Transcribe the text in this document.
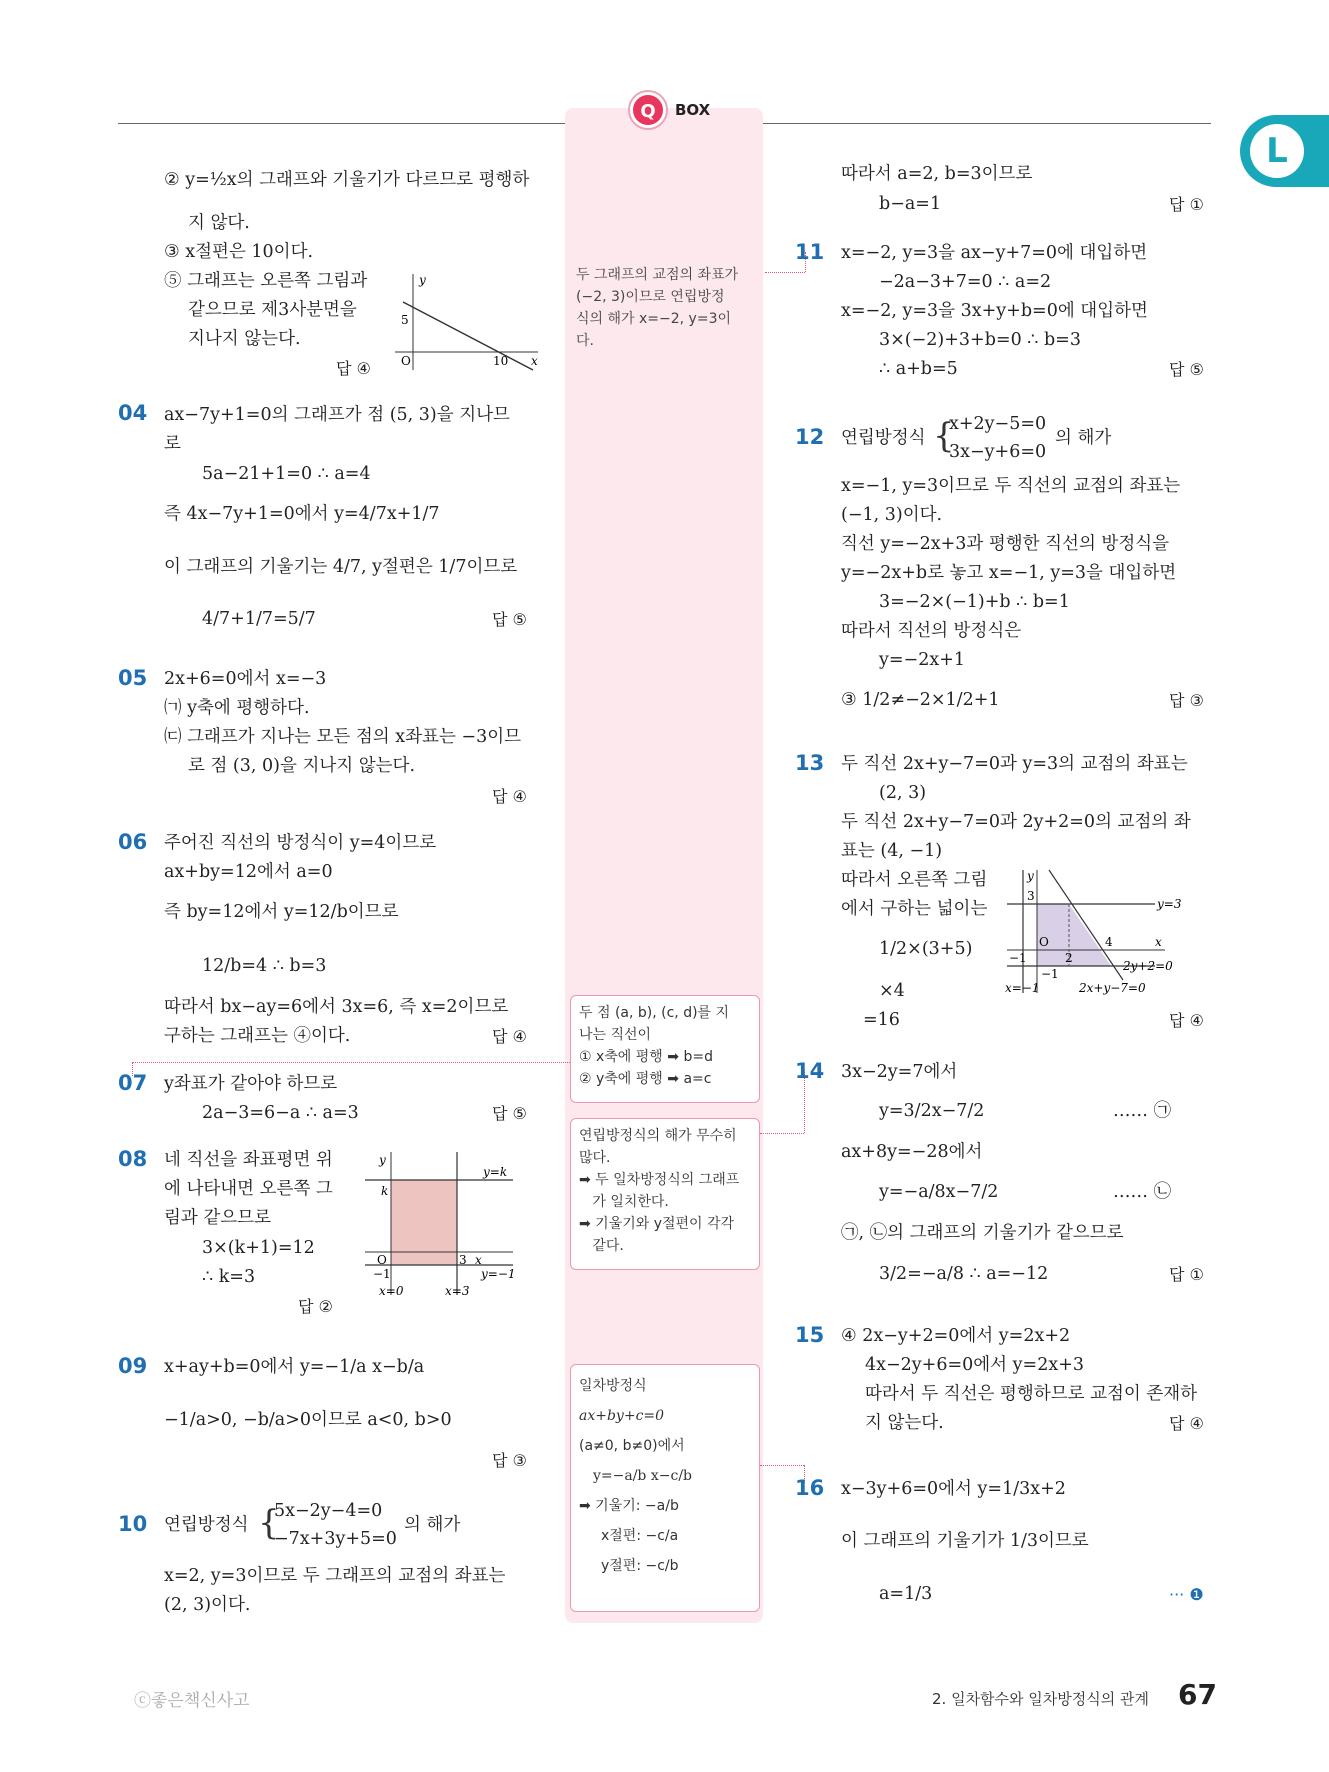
Q BOX
L
② y=½x의 그래프와 기울기가 다르므로 평행하
지 않다.
③ x절편은 10이다.
⑤ 그래프는 오른쪽 그림과
같으므로 제3사분면을
지나지 않는다.
답 ④
y
x
O
5
10
04 ax−7y+1=0의 그래프가 점 (5, 3)을 지나므
로
5a−21+1=0 ∴ a=4
즉 4x−7y+1=0에서 y=4/7x+1/7
이 그래프의 기울기는 4/7, y절편은 1/7이므로
4/7+1/7=5/7	답 ⑤
05 2x+6=0에서 x=−3
㈀ y축에 평행하다.
㈂ 그래프가 지나는 모든 점의 x좌표는 −3이므
로 점 (3, 0)을 지나지 않는다.
답 ④
06 주어진 직선의 방정식이 y=4이므로
ax+by=12에서 a=0
즉 by=12에서 y=12/b이므로
12/b=4 ∴ b=3
따라서 bx−ay=6에서 3x=6, 즉 x=2이므로
구하는 그래프는 ④이다.	답 ④
07 y좌표가 같아야 하므로
2a−3=6−a ∴ a=3	답 ⑤
08 네 직선을 좌표평면 위
에 나타내면 오른쪽 그
림과 같으므로
3×(k+1)=12
∴ k=3
답 ②
y
k
y=k
O	3 x
−1	y=−1
x=0	x=3
09 x+ay+b=0에서 y=−1/a x−b/a
−1/a>0, −b/a>0이므로 a<0, b>0
답 ③
10 연립방정식 {
5x−2y−4=0
−7x+3y+5=0
의 해가
x=2, y=3이므로 두 그래프의 교점의 좌표는
(2, 3)이다.
두 그래프의 교점의 좌표가
(−2, 3)이므로 연립방정
식의 해가 x=−2, y=3이
다.
두 점 (a, b), (c, d)를 지
나는 직선이
① x축에 평행 ➡ b=d
② y축에 평행 ➡ a=c
연립방정식의 해가 무수히
많다.
➡ 두 일차방정식의 그래프
가 일치한다.
➡ 기울기와 y절편이 각각
같다.
일차방정식
ax+by+c=0
(a≠0, b≠0)에서
y=−a/b x−c/b
➡ 기울기: −a/b
x절편: −c/a
y절편: −c/b
따라서 a=2, b=3이므로
b−a=1	답 ①
11 x=−2, y=3을 ax−y+7=0에 대입하면
−2a−3+7=0 ∴ a=2
x=−2, y=3을 3x+y+b=0에 대입하면
3×(−2)+3+b=0 ∴ b=3
∴ a+b=5	답 ⑤
12 연립방정식 {
x+2y−5=0
3x−y+6=0
의 해가
x=−1, y=3이므로 두 직선의 교점의 좌표는
(−1, 3)이다.
직선 y=−2x+3과 평행한 직선의 방정식을
y=−2x+b로 놓고 x=−1, y=3을 대입하면
3=−2×(−1)+b ∴ b=1
따라서 직선의 방정식은
y=−2x+1
③ 1/2≠−2×1/2+1	답 ③
13 두 직선 2x+y−7=0과 y=3의 교점의 좌표는
(2, 3)
두 직선 2x+y−7=0과 2y+2=0의 교점의 좌
표는 (4, −1)
따라서 오른쪽 그림
에서 구하는 넓이는
1/2×(3+5)
×4
=16	답 ④
y
3
y=3
O
2
4	x
−1
−1
2y+2=0
2x+y−7=0
x=−1
14 3x−2y=7에서
y=3/2x−7/2	…… ㉠
ax+8y=−28에서
y=−a/8x−7/2	…… ㉡
㉠, ㉡의 그래프의 기울기가 같으므로
3/2=−a/8 ∴ a=−12	답 ①
15 ④ 2x−y+2=0에서 y=2x+2
4x−2y+6=0에서 y=2x+3
따라서 두 직선은 평행하므로 교점이 존재하
지 않는다.	답 ④
16 x−3y+6=0에서 y=1/3x+2
이 그래프의 기울기가 1/3이므로
a=1/3	··· ❶
ⓒ좋은책신사고	2. 일차함수와 일차방정식의 관계 67
